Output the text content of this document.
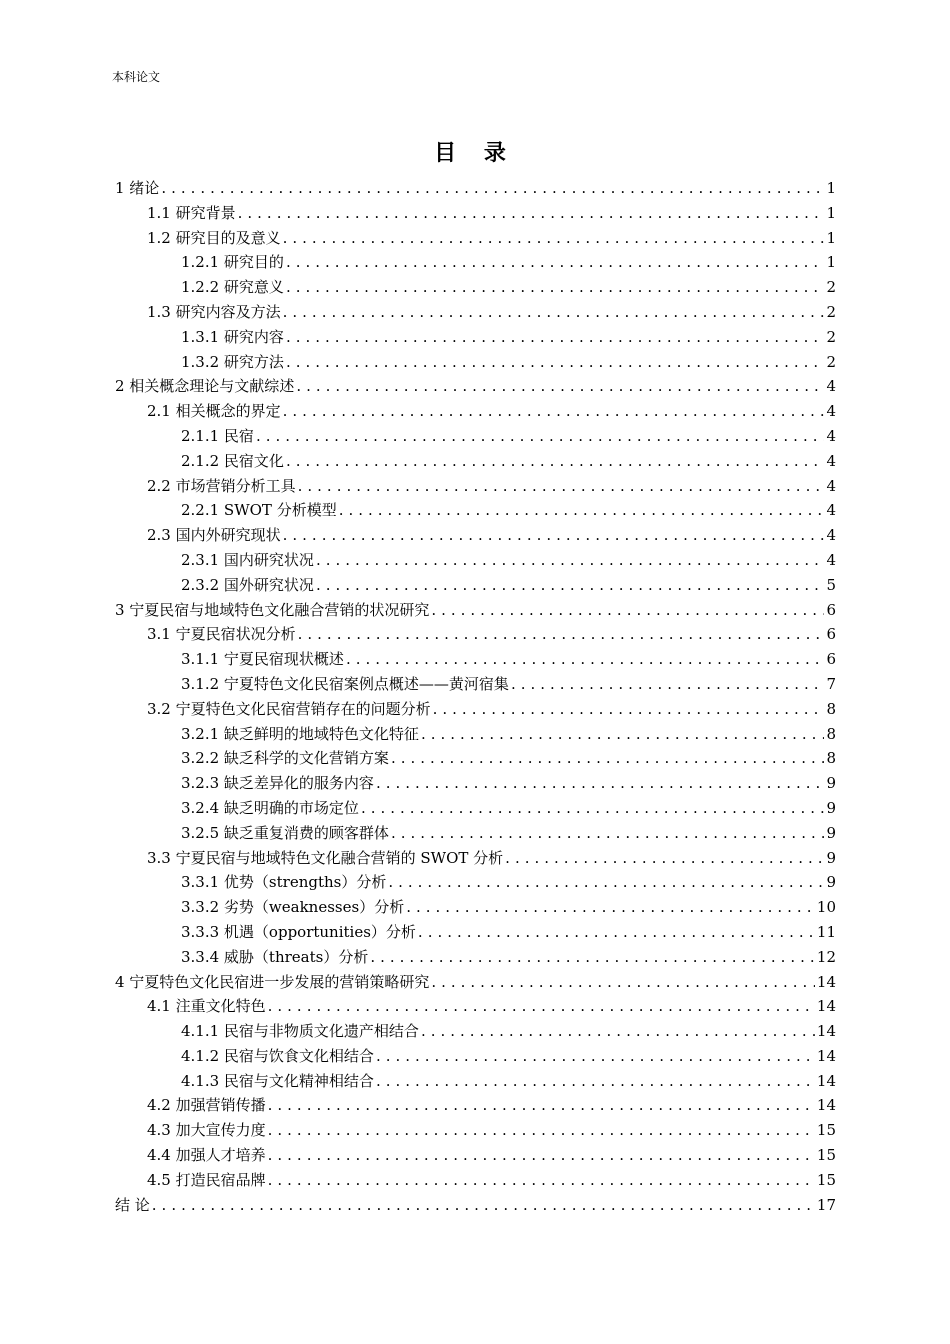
本科论文
目 录
1 绪论 .....	1
1.1 研究背景 .....	1
1.2 研究目的及意义 .....	1
1.2.1 研究目的 .....	1
1.2.2 研究意义 .....	2
1.3 研究内容及方法 .....	2
1.3.1 研究内容 .....	2
1.3.2 研究方法 .....	2
2 相关概念理论与文献综述 .....	4
2.1 相关概念的界定 .....	4
2.1.1 民宿 .....	4
2.1.2 民宿文化 .....	4
2.2 市场营销分析工具 .....	4
2.2.1 SWOT 分析模型 .....	4
2.3 国内外研究现状 .....	4
2.3.1 国内研究状况 .....	4
2.3.2 国外研究状况 .....	5
3 宁夏民宿与地域特色文化融合营销的状况研究 .....	6
3.1 宁夏民宿状况分析 .....	6
3.1.1 宁夏民宿现状概述 .....	6
3.1.2 宁夏特色文化民宿案例点概述——黄河宿集 .....	7
3.2 宁夏特色文化民宿营销存在的问题分析 .....	8
3.2.1 缺乏鲜明的地域特色文化特征 .....	8
3.2.2 缺乏科学的文化营销方案 .....	8
3.2.3 缺乏差异化的服务内容 .....	9
3.2.4 缺乏明确的市场定位 .....	9
3.2.5 缺乏重复消费的顾客群体 .....	9
3.3 宁夏民宿与地域特色文化融合营销的 SWOT 分析 .....	9
3.3.1 优势（strengths）分析 .....	9
3.3.2 劣势（weaknesses）分析 .....	10
3.3.3 机遇（opportunities）分析 .....	11
3.3.4 威胁（threats）分析 .....	12
4 宁夏特色文化民宿进一步发展的营销策略研究 .....	14
4.1 注重文化特色 .....	14
4.1.1 民宿与非物质文化遗产相结合 .....	14
4.1.2 民宿与饮食文化相结合 .....	14
4.1.3 民宿与文化精神相结合 .....	14
4.2 加强营销传播 .....	14
4.3 加大宣传力度 .....	15
4.4 加强人才培养 .....	15
4.5 打造民宿品牌 .....	15
结 论 .....	17
